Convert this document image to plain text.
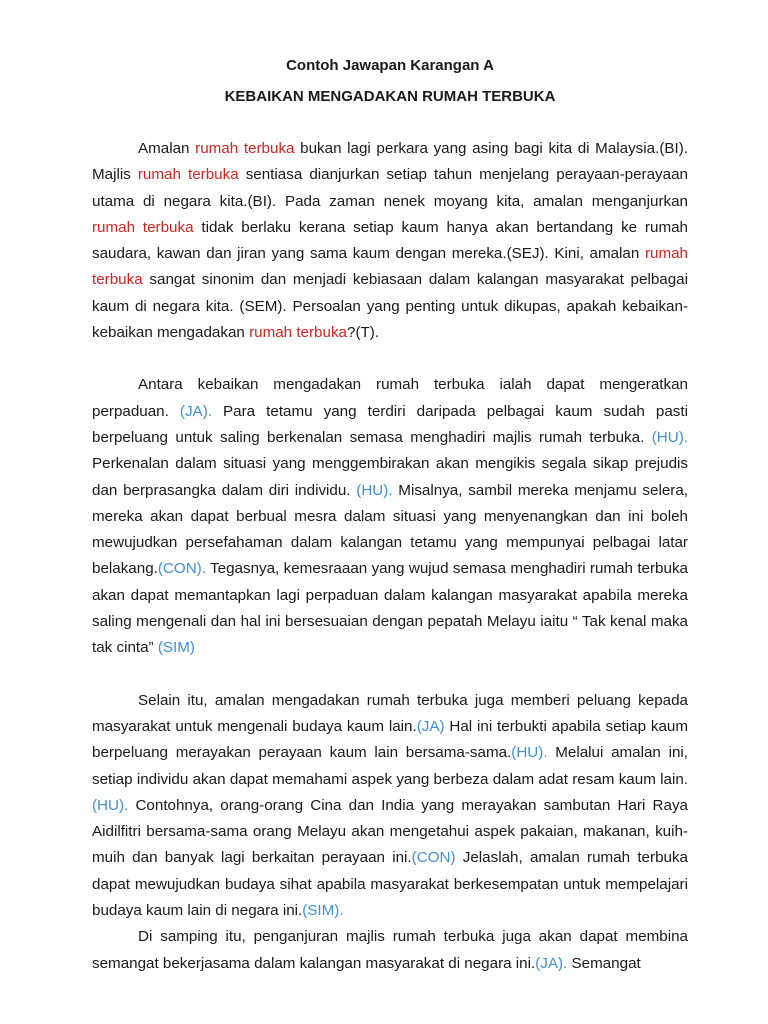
Contoh Jawapan Karangan A

KEBAIKAN MENGADAKAN RUMAH TERBUKA

Amalan rumah terbuka bukan lagi perkara yang asing bagi kita di Malaysia.(BI). Majlis rumah terbuka sentiasa dianjurkan setiap tahun menjelang perayaan-perayaan utama di negara kita.(BI). Pada zaman nenek moyang kita, amalan menganjurkan rumah terbuka tidak berlaku kerana setiap kaum hanya akan bertandang ke rumah saudara, kawan dan jiran yang sama kaum dengan mereka.(SEJ). Kini, amalan rumah terbuka sangat sinonim dan menjadi kebiasaan dalam kalangan masyarakat pelbagai kaum di negara kita. (SEM). Persoalan yang penting untuk dikupas, apakah kebaikan-kebaikan mengadakan rumah terbuka?(T).

Antara kebaikan mengadakan rumah terbuka ialah dapat mengeratkan perpaduan. (JA). Para tetamu yang terdiri daripada pelbagai kaum sudah pasti berpeluang untuk saling berkenalan semasa menghadiri majlis rumah terbuka. (HU). Perkenalan dalam situasi yang menggembirakan akan mengikis segala sikap prejudis dan berprasangka dalam diri individu. (HU). Misalnya, sambil mereka menjamu selera, mereka akan dapat berbual mesra dalam situasi yang menyenangkan dan ini boleh mewujudkan persefahaman dalam kalangan tetamu yang mempunyai pelbagai latar belakang.(CON). Tegasnya, kemesraaan yang wujud semasa menghadiri rumah terbuka akan dapat memantapkan lagi perpaduan dalam kalangan masyarakat apabila mereka saling mengenali dan hal ini bersesuaian dengan pepatah Melayu iaitu “ Tak kenal maka tak cinta” (SIM)

Selain itu, amalan mengadakan rumah terbuka juga memberi peluang kepada masyarakat untuk mengenali budaya kaum lain.(JA) Hal ini terbukti apabila setiap kaum berpeluang merayakan perayaan kaum lain bersama-sama.(HU). Melalui amalan ini, setiap individu akan dapat memahami aspek yang berbeza dalam adat resam kaum lain.(HU). Contohnya, orang-orang Cina dan India yang merayakan sambutan Hari Raya Aidilfitri bersama-sama orang Melayu akan mengetahui aspek pakaian, makanan, kuih-muih dan banyak lagi berkaitan perayaan ini.(CON) Jelaslah, amalan rumah terbuka dapat mewujudkan budaya sihat apabila masyarakat berkesempatan untuk mempelajari budaya kaum lain di negara ini.(SIM).

Di samping itu, penganjuran majlis rumah terbuka juga akan dapat membina semangat bekerjasama dalam kalangan masyarakat di negara ini.(JA). Semangat
